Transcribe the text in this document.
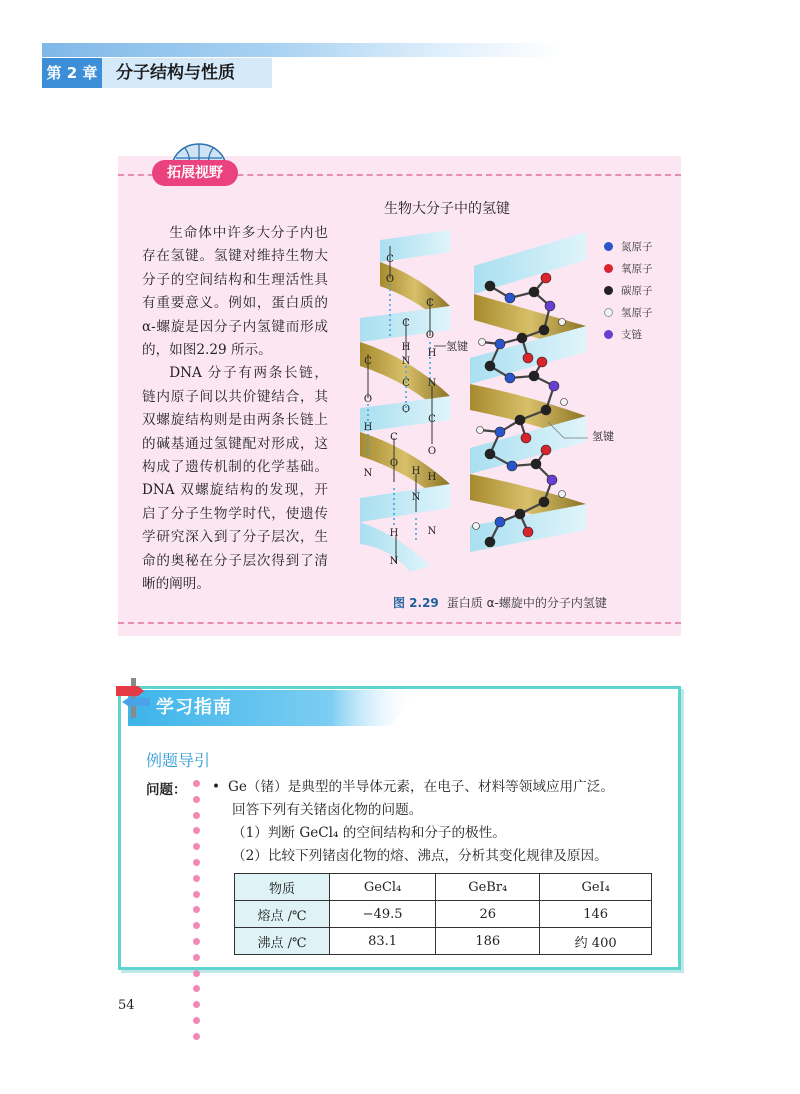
第 2 章 分子结构与性质
拓展视野

生命体中许多大分子内也存在氢键。氢键对维持生物大分子的空间结构和生理活性具有重要意义。例如，蛋白质的α-螺旋是因分子内氢键而形成的，如图2.29 所示。

DNA 分子有两条长链，链内原子间以共价键结合，其双螺旋结构则是由两条长链上的碱基通过氢键配对形成，这构成了遗传机制的化学基础。DNA 双螺旋结构的发现，开启了分子生物学时代，使遗传学研究深入到了分子层次，生命的奥秘在分子层次得到了清晰的阐明。

生物大分子中的氢键
C
O
C
O
C
H
N
C
O
H
N
C
O
C
O
H
C
O
N	H
N
H
N
H
N
氢键
氢键
氮原子
氧原子
碳原子
氢原子
支链
图 2.29 蛋白质 α-螺旋中的分子内氢键
学习指南
例题导引
问题：	• Ge（锗）是典型的半导体元素，在电子、材料等领域应用广泛。
回答下列有关锗卤化物的问题。
（1）判断 GeCl₄ 的空间结构和分子的极性。
（2）比较下列锗卤化物的熔、沸点，分析其变化规律及原因。
物质	GeCl₄	GeBr₄	GeI₄
熔点 /℃	−49.5	26	146
沸点 /℃	83.1	186	约 400
54
